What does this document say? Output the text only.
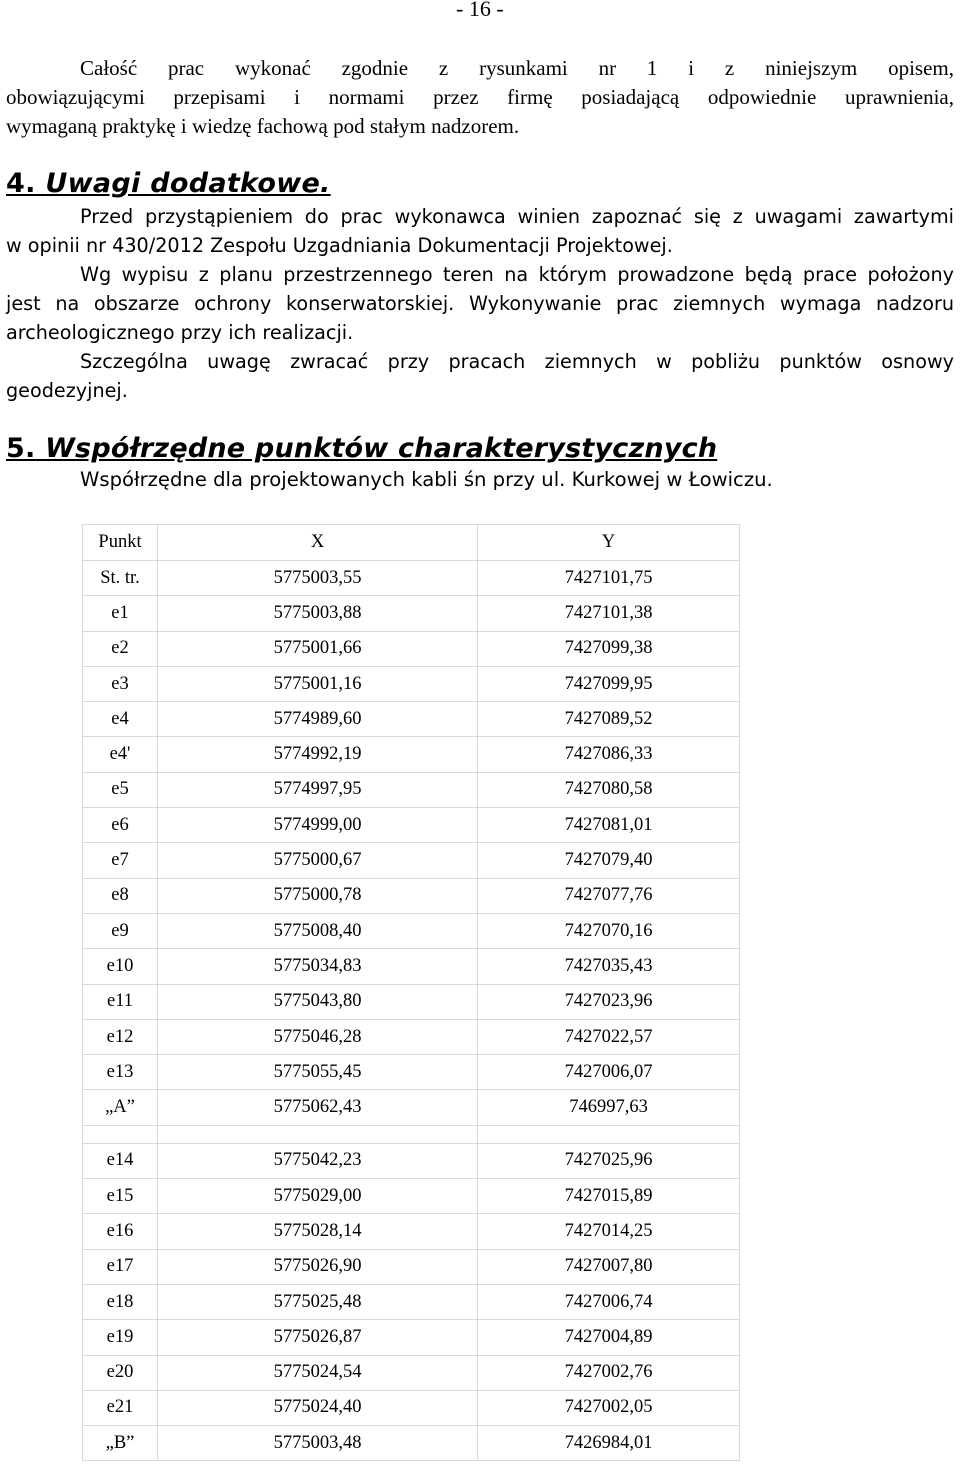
- 16 -
Całość prac wykonać zgodnie z rysunkami nr 1 i z niniejszym opisem,
obowiązującymi przepisami i normami przez firmę posiadającą odpowiednie uprawnienia,
wymaganą praktykę i wiedzę fachową pod stałym nadzorem.
4. Uwagi dodatkowe.
Przed przystąpieniem do prac wykonawca winien zapoznać się z uwagami zawartymi
w opinii nr 430/2012 Zespołu Uzgadniania Dokumentacji Projektowej.
Wg wypisu z planu przestrzennego teren na którym prowadzone będą prace położony
jest na obszarze ochrony konserwatorskiej. Wykonywanie prac ziemnych wymaga nadzoru
archeologicznego przy ich realizacji.
Szczególna uwagę zwracać przy pracach ziemnych w pobliżu punktów osnowy
geodezyjnej.
5. Współrzędne punktów charakterystycznych
Współrzędne dla projektowanych kabli śn przy ul. Kurkowej w Łowiczu.
Punkt	X	Y
St. tr.	5775003,55	7427101,75
e1	5775003,88	7427101,38
e2	5775001,66	7427099,38
e3	5775001,16	7427099,95
e4	5774989,60	7427089,52
e4'	5774992,19	7427086,33
e5	5774997,95	7427080,58
e6	5774999,00	7427081,01
e7	5775000,67	7427079,40
e8	5775000,78	7427077,76
e9	5775008,40	7427070,16
e10	5775034,83	7427035,43
e11	5775043,80	7427023,96
e12	5775046,28	7427022,57
e13	5775055,45	7427006,07
„A”	5775062,43	746997,63

e14	5775042,23	7427025,96
e15	5775029,00	7427015,89
e16	5775028,14	7427014,25
e17	5775026,90	7427007,80
e18	5775025,48	7427006,74
e19	5775026,87	7427004,89
e20	5775024,54	7427002,76
e21	5775024,40	7427002,05
„B”	5775003,48	7426984,01
